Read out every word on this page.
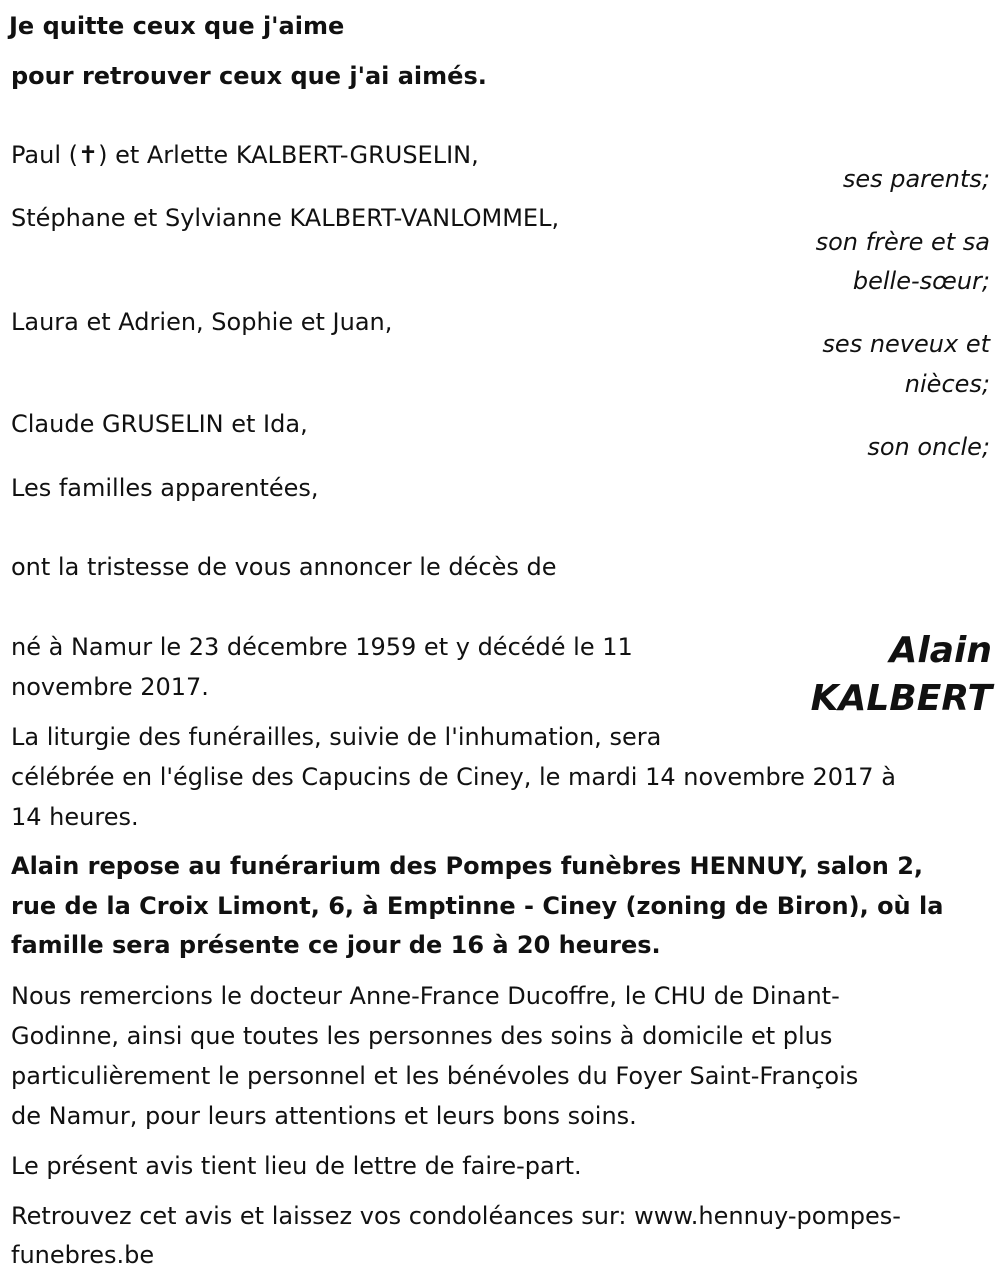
Je quitte ceux que j'aime

pour retrouver ceux que j'ai aimés.

Paul (✝) et Arlette KALBERT-GRUSELIN,

Stéphane et Sylvianne KALBERT-VANLOMMEL,

Laura et Adrien, Sophie et Juan,

Claude GRUSELIN et Ida,

Les familles apparentées,

ses parents;

son frère et sa

belle-sœur;

ses neveux et

nièces;

son oncle;

ont la tristesse de vous annoncer le décès de

Alain
KALBERT

né à Namur le 23 décembre 1959 et y décédé le 11

novembre 2017.

La liturgie des funérailles, suivie de l'inhumation, sera

célébrée en l'église des Capucins de Ciney, le mardi 14 novembre 2017 à

14 heures.

Alain repose au funérarium des Pompes funèbres HENNUY, salon 2,

rue de la Croix Limont, 6, à Emptinne - Ciney (zoning de Biron), où la

famille sera présente ce jour de 16 à 20 heures.

Nous remercions le docteur Anne-France Ducoffre, le CHU de Dinant-

Godinne, ainsi que toutes les personnes des soins à domicile et plus

particulièrement le personnel et les bénévoles du Foyer Saint-François

de Namur, pour leurs attentions et leurs bons soins.

Le présent avis tient lieu de lettre de faire-part.

Retrouvez cet avis et laissez vos condoléances sur: www.hennuy-pompes-

funebres.be
